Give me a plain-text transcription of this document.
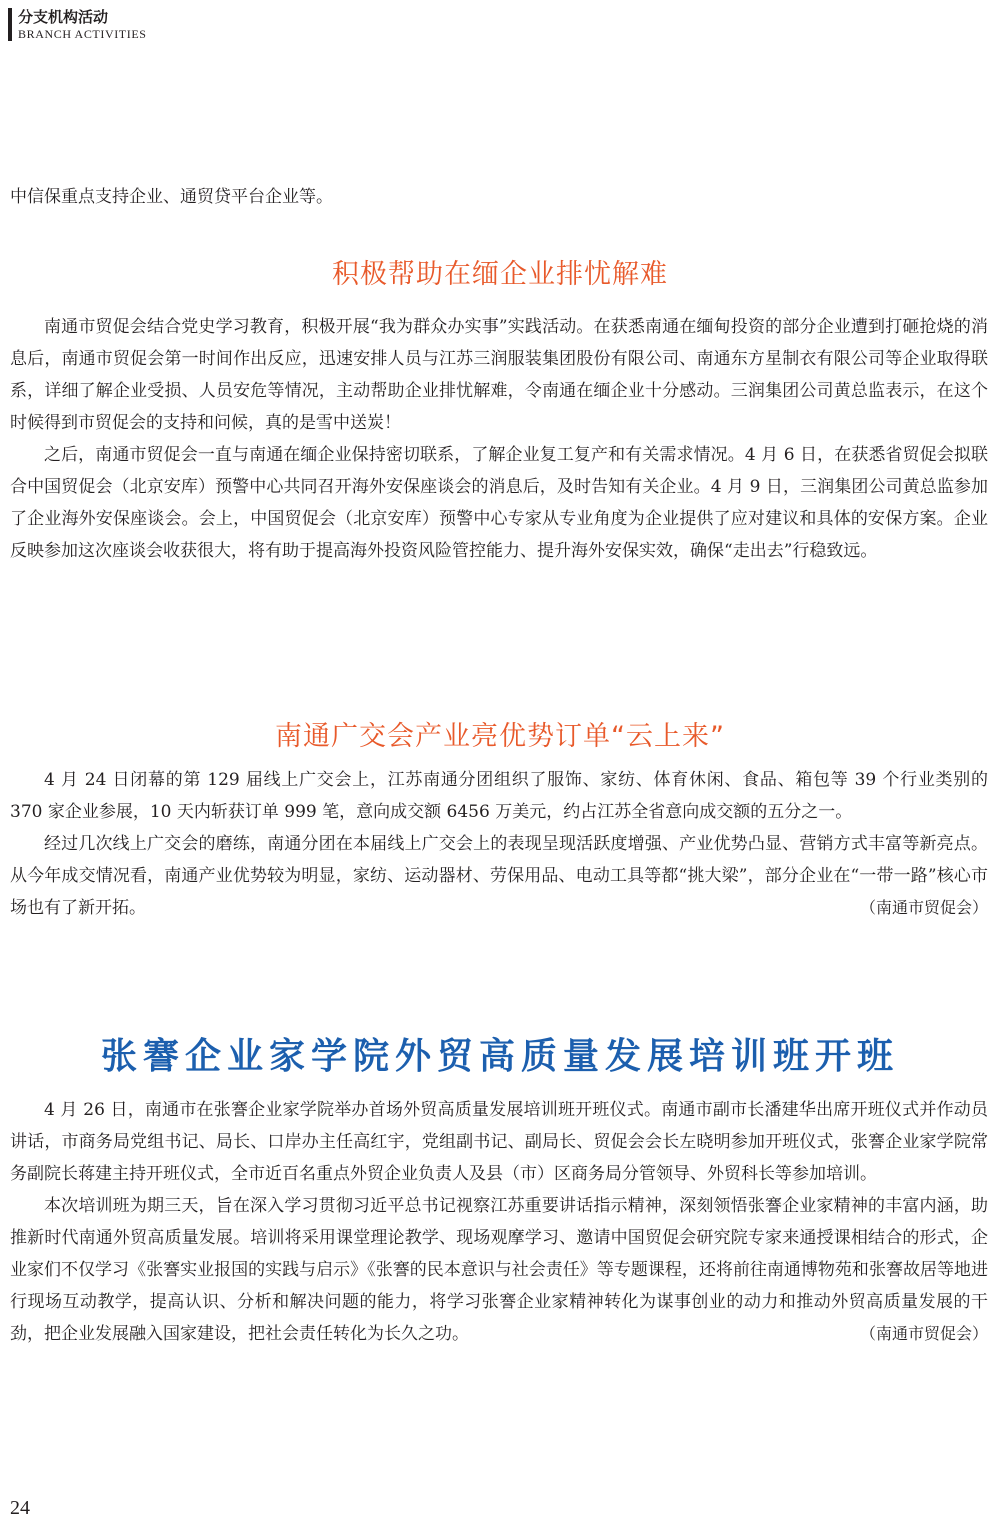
分支机构活动
BRANCH ACTIVITIES

中信保重点支持企业、通贸贷平台企业等。

积极帮助在缅企业排忧解难

南通市贸促会结合党史学习教育，积极开展“我为群众办实事”实践活动。在获悉南通在缅甸投资的部分企业遭到打砸抢烧的消息后，南通市贸促会第一时间作出反应，迅速安排人员与江苏三润服装集团股份有限公司、南通东方星制衣有限公司等企业取得联系，详细了解企业受损、人员安危等情况，主动帮助企业排忧解难，令南通在缅企业十分感动。三润集团公司黄总监表示，在这个时候得到市贸促会的支持和问候，真的是雪中送炭！

之后，南通市贸促会一直与南通在缅企业保持密切联系，了解企业复工复产和有关需求情况。4 月 6 日，在获悉省贸促会拟联合中国贸促会（北京安库）预警中心共同召开海外安保座谈会的消息后，及时告知有关企业。4 月 9 日，三润集团公司黄总监参加了企业海外安保座谈会。会上，中国贸促会（北京安库）预警中心专家从专业角度为企业提供了应对建议和具体的安保方案。企业反映参加这次座谈会收获很大，将有助于提高海外投资风险管控能力、提升海外安保实效，确保“走出去”行稳致远。

南通广交会产业亮优势订单“云上来”

4 月 24 日闭幕的第 129 届线上广交会上，江苏南通分团组织了服饰、家纺、体育休闲、食品、箱包等 39 个行业类别的 370 家企业参展，10 天内斩获订单 999 笔，意向成交额 6456 万美元，约占江苏全省意向成交额的五分之一。

经过几次线上广交会的磨练，南通分团在本届线上广交会上的表现呈现活跃度增强、产业优势凸显、营销方式丰富等新亮点。从今年成交情况看，南通产业优势较为明显，家纺、运动器材、劳保用品、电动工具等都“挑大梁”，部分企业在“一带一路”核心市场也有了新开拓。	（南通市贸促会）

张謇企业家学院外贸高质量发展培训班开班

4 月 26 日，南通市在张謇企业家学院举办首场外贸高质量发展培训班开班仪式。南通市副市长潘建华出席开班仪式并作动员讲话，市商务局党组书记、局长、口岸办主任高红宇，党组副书记、副局长、贸促会会长左晓明参加开班仪式，张謇企业家学院常务副院长蒋建主持开班仪式，全市近百名重点外贸企业负责人及县（市）区商务局分管领导、外贸科长等参加培训。

本次培训班为期三天，旨在深入学习贯彻习近平总书记视察江苏重要讲话指示精神，深刻领悟张謇企业家精神的丰富内涵，助推新时代南通外贸高质量发展。培训将采用课堂理论教学、现场观摩学习、邀请中国贸促会研究院专家来通授课相结合的形式，企业家们不仅学习《张謇实业报国的实践与启示》《张謇的民本意识与社会责任》等专题课程，还将前往南通博物苑和张謇故居等地进行现场互动教学，提高认识、分析和解决问题的能力，将学习张謇企业家精神转化为谋事创业的动力和推动外贸高质量发展的干劲，把企业发展融入国家建设，把社会责任转化为长久之功。	（南通市贸促会）

24
